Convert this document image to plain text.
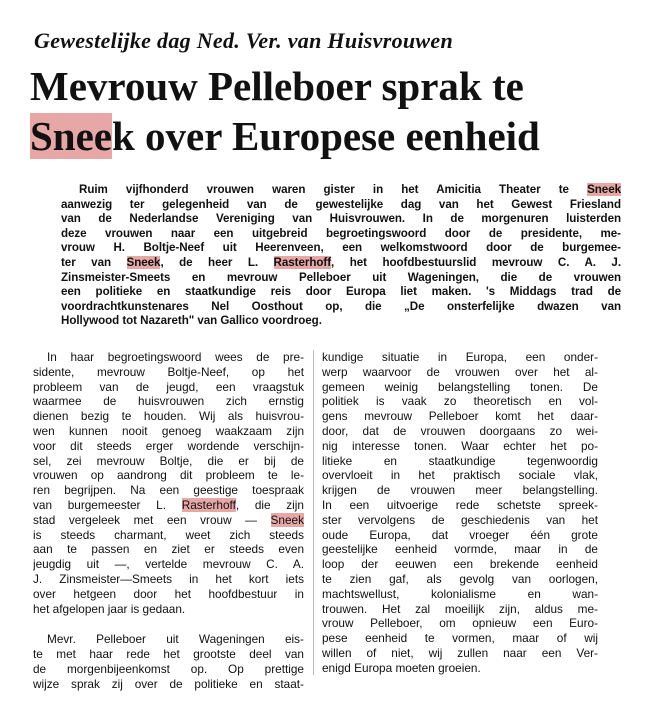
Gewestelijke dag Ned. Ver. van Huisvrouwen
Mevrouw Pelleboer sprak te
Sneek over Europese eenheid
Ruim vijfhonderd vrouwen waren gister in het Amicitia Theater te Sneek
aanwezig ter gelegenheid van de gewestelijke dag van het Gewest Friesland
van de Nederlandse Vereniging van Huisvrouwen. In de morgenuren luisterden
deze vrouwen naar een uitgebreid begroetingswoord door de presidente, me-
vrouw H. Boltje-Neef uit Heerenveen, een welkomstwoord door de burgemee-
ter van Sneek, de heer L. Rasterhoff, het hoofdbestuurslid mevrouw C. A. J.
Zinsmeister-Smeets en mevrouw Pelleboer uit Wageningen, die de vrouwen
een politieke en staatkundige reis door Europa liet maken. 's Middags trad de
voordrachtkunstenares Nel Oosthout op, die „De onsterfelijke dwazen van
Hollywood tot Nazareth" van Gallico voordroeg.
In haar begroetingswoord wees de pre-
sidente, mevrouw Boltje-Neef, op het
probleem van de jeugd, een vraagstuk
waarmee de huisvrouwen zich ernstig
dienen bezig te houden. Wij als huisvrou-
wen kunnen nooit genoeg waakzaam zijn
voor dit steeds erger wordende verschijn-
sel, zei mevrouw Boltje, die er bij de
vrouwen op aandrong dit probleem te le-
ren begrijpen. Na een geestige toespraak
van burgemeester L. Rasterhoff, die zijn
stad vergeleek met een vrouw — Sneek
is steeds charmant, weet zich steeds
aan te passen en ziet er steeds even
jeugdig uit —, vertelde mevrouw C. A.
J. Zinsmeister—Smeets in het kort iets
over hetgeen door het hoofdbestuur in
het afgelopen jaar is gedaan.
Mevr. Pelleboer uit Wageningen eis-
te met haar rede het grootste deel van
de morgenbijeenkomst op. Op prettige
wijze sprak zij over de politieke en staat-
kundige situatie in Europa, een onder-
werp waarvoor de vrouwen over het al-
gemeen weinig belangstelling tonen. De
politiek is vaak zo theoretisch en vol-
gens mevrouw Pelleboer komt het daar-
door, dat de vrouwen doorgaans zo wei-
nig interesse tonen. Waar echter het po-
litieke en staatkundige tegenwoordig
overvloeit in het praktisch sociale vlak,
krijgen de vrouwen meer belangstelling.
In een uitvoerige rede schetste spreek-
ster vervolgens de geschiedenis van het
oude Europa, dat vroeger één grote
geestelijke eenheid vormde, maar in de
loop der eeuwen een brekende eenheid
te zien gaf, als gevolg van oorlogen,
machtswellust, kolonialisme en wan-
trouwen. Het zal moeilijk zijn, aldus me-
vrouw Pelleboer, om opnieuw een Euro-
pese eenheid te vormen, maar of wij
willen of niet, wij zullen naar een Ver-
enigd Europa moeten groeien.
